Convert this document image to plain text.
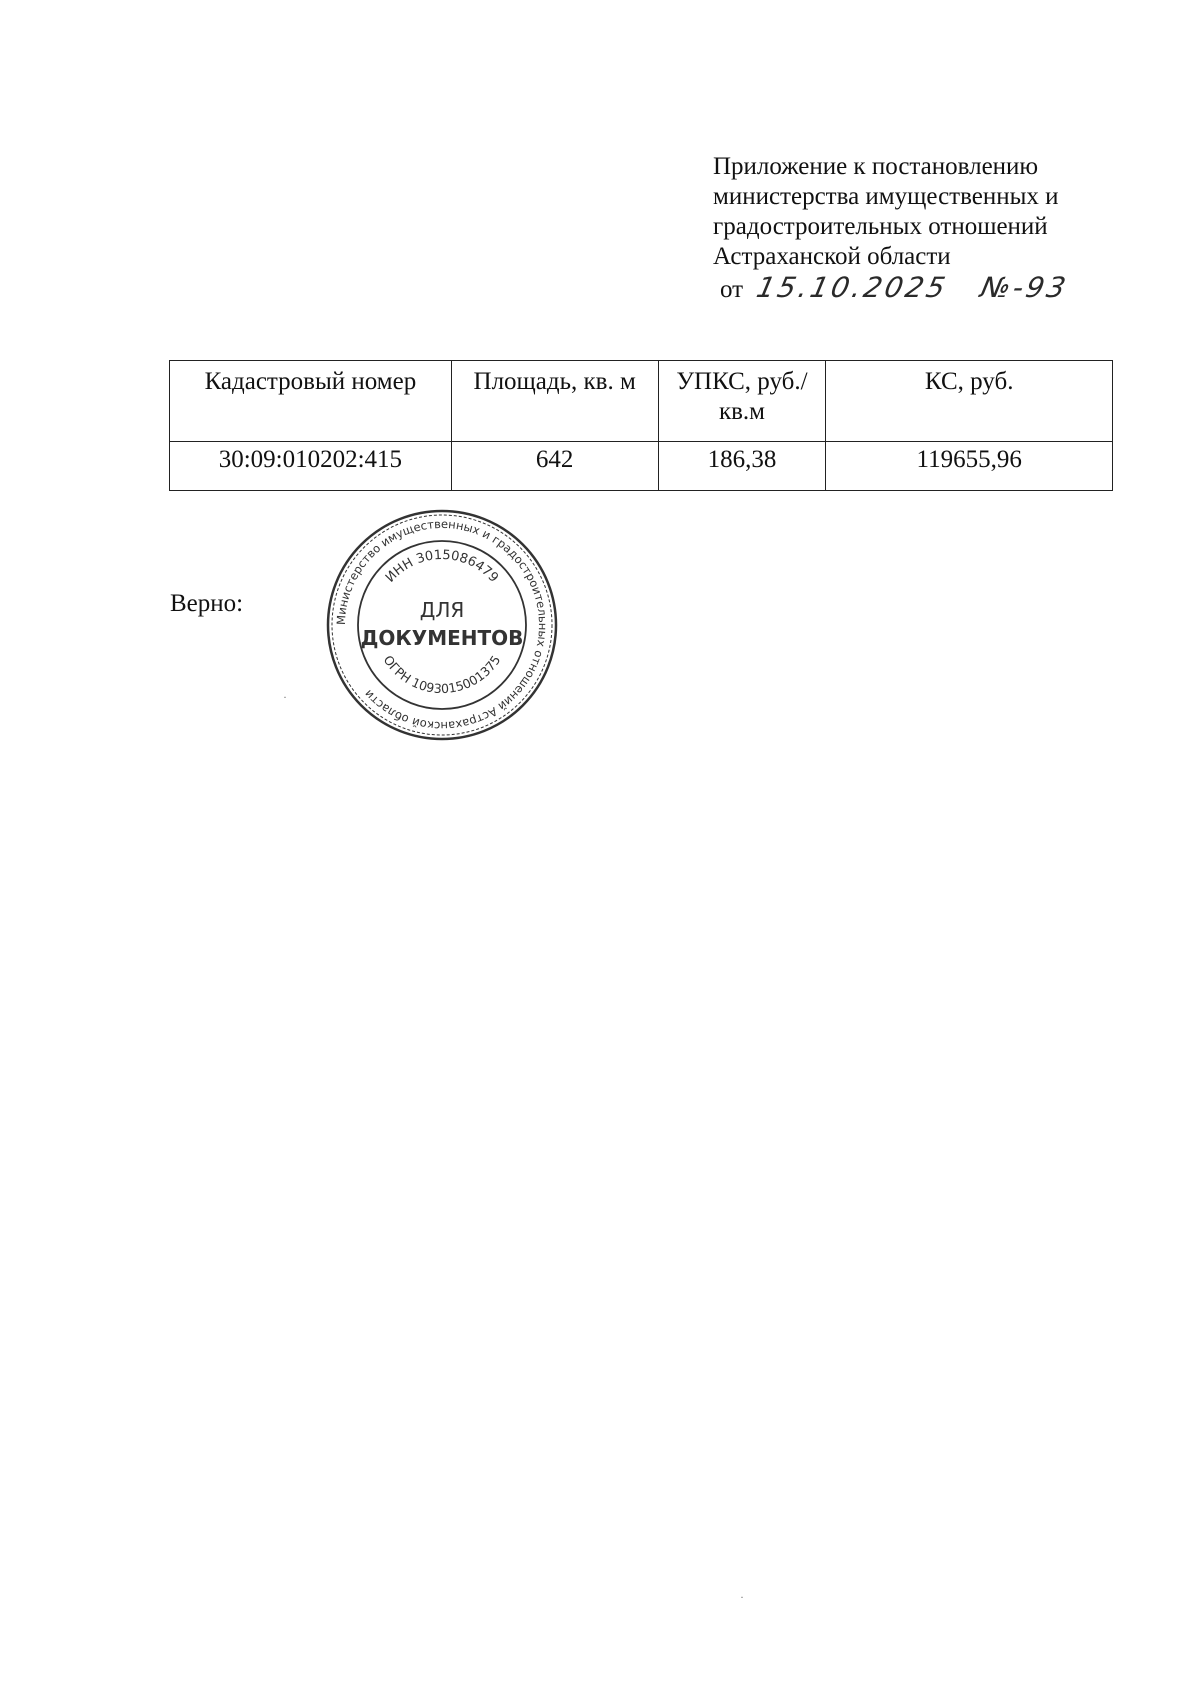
Приложение к постановлению
министерства имущественных и
градостроительных отношений
Астраханской области
от 15.10.2025 №-93
Кадастровый номер	Площадь, кв. м	УПКС, руб./кв.м	КС, руб.
30:09:010202:415	642	186,38	119655,96
Верно:
Министерство имущественных и градостроительных отношений Астраханской области
ИНН 3015086479
ДЛЯ
ДОКУМЕНТОВ
ОГРН 1093015001375
·
·
